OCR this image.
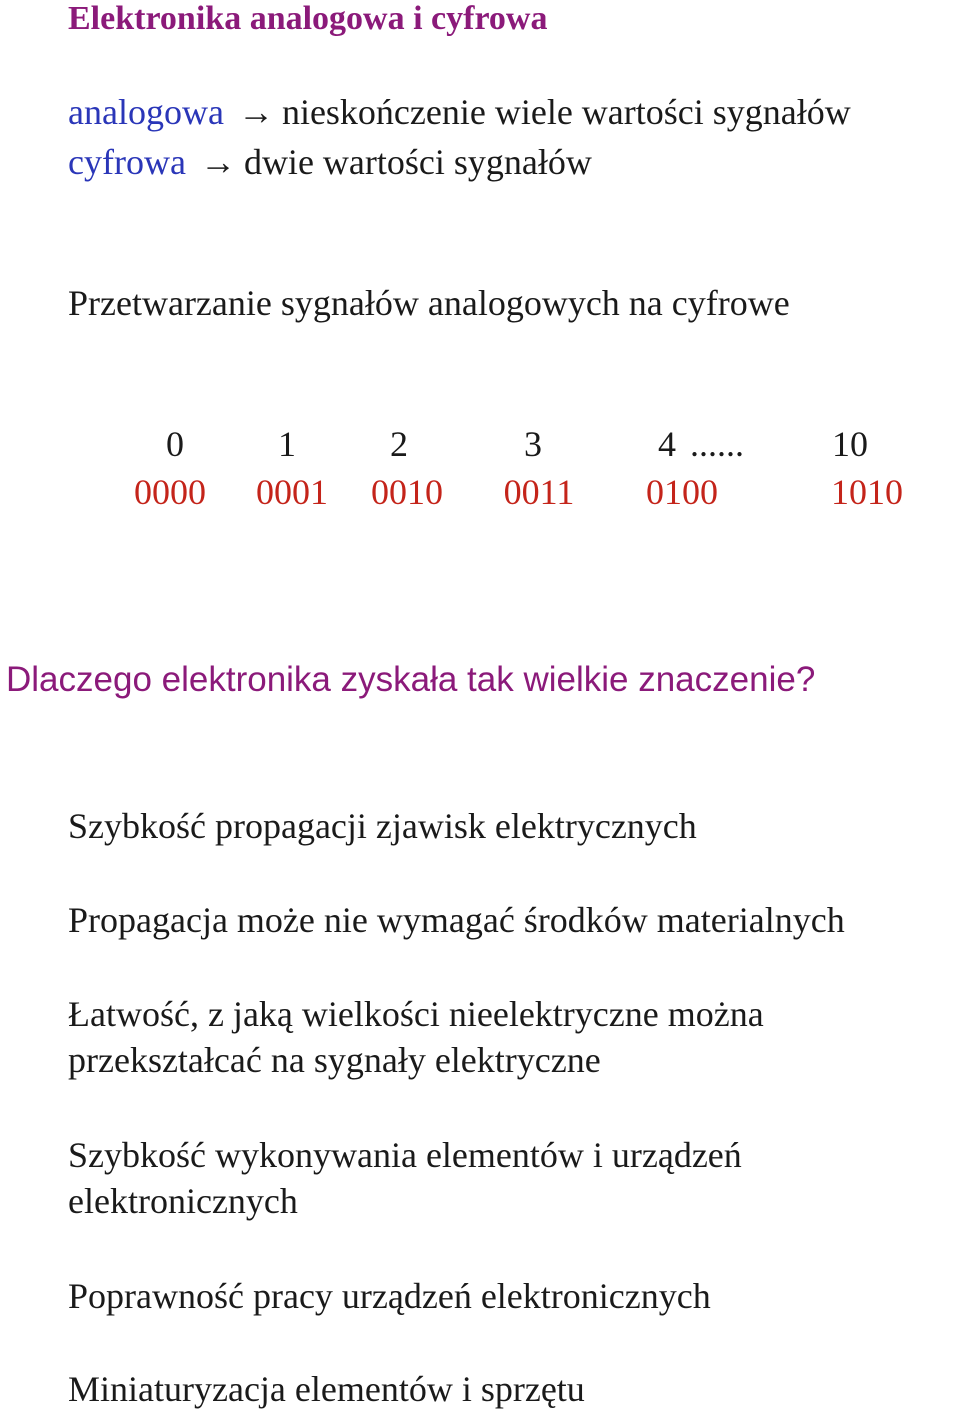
Elektronika analogowa i cyfrowa
analogowa → nieskończenie wiele wartości sygnałów
cyfrowa → dwie wartości sygnałów
Przetwarzanie sygnałów analogowych na cyfrowe
0	1	2	3	4 ...... 10
0000 0001 0010 0011 0100	1010
Dlaczego elektronika zyskała tak wielkie znaczenie?
Szybkość propagacji zjawisk elektrycznych
Propagacja może nie wymagać środków materialnych
Łatwość, z jaką wielkości nieelektryczne można
przekształcać na sygnały elektryczne
Szybkość wykonywania elementów i urządzeń
elektronicznych
Poprawność pracy urządzeń elektronicznych
Miniaturyzacja elementów i sprzętu
